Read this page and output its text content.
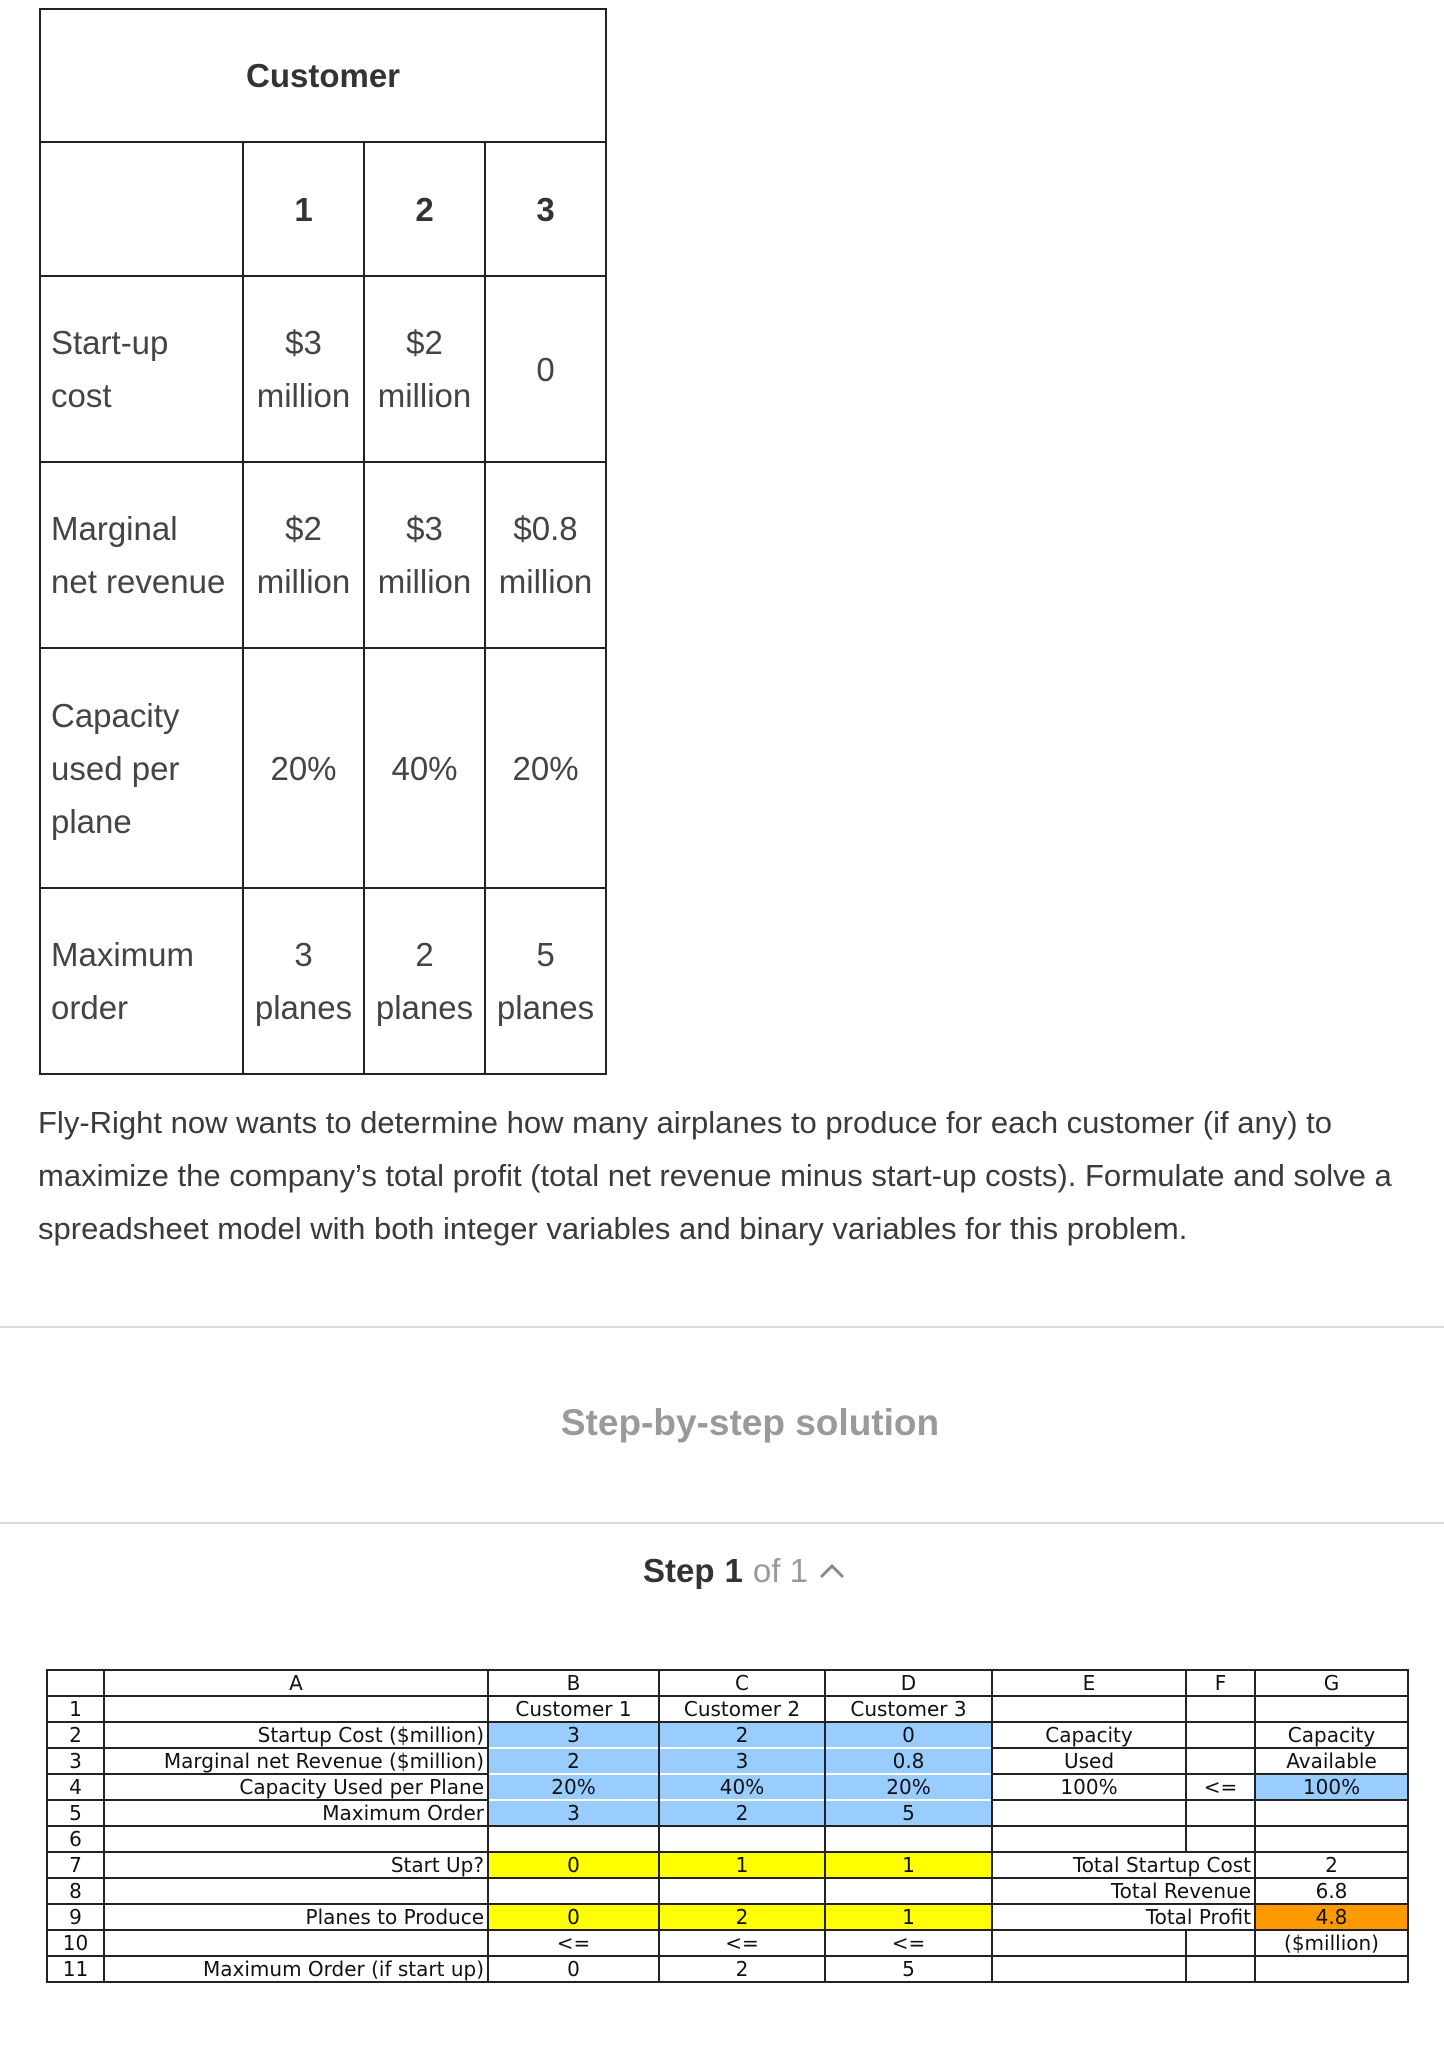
Customer			
	1	2	3
Start-up cost	$3 million	$2 million	0
Marginal net revenue	$2 million	$3 million	$0.8 million
Capacity used per plane	20%	40%	20%
Maximum order	3 planes	2 planes	5 planes

Fly-Right now wants to determine how many airplanes to produce for each customer (if any) to maximize the company’s total profit (total net revenue minus start-up costs). Formulate and solve a spreadsheet model with both integer variables and binary variables for this problem.

Step-by-step solution
Step 1 of 1
	A	B	C	D	E	F	G
1		Customer 1	Customer 2	Customer 3			
2	Startup Cost ($million)	3	2	0	Capacity		Capacity
3	Marginal net Revenue ($million)	2	3	0.8	Used		Available
4	Capacity Used per Plane	20%	40%	20%	100%	<=	100%
5	Maximum Order	3	2	5			
6							
7	Start Up?	0	1	1	Total Startup Cost		2
8					Total Revenue		6.8
9	Planes to Produce	0	2	1	Total Profit		4.8
10		<=	<=	<=			($million)
11	Maximum Order (if start up)	0	2	5			
